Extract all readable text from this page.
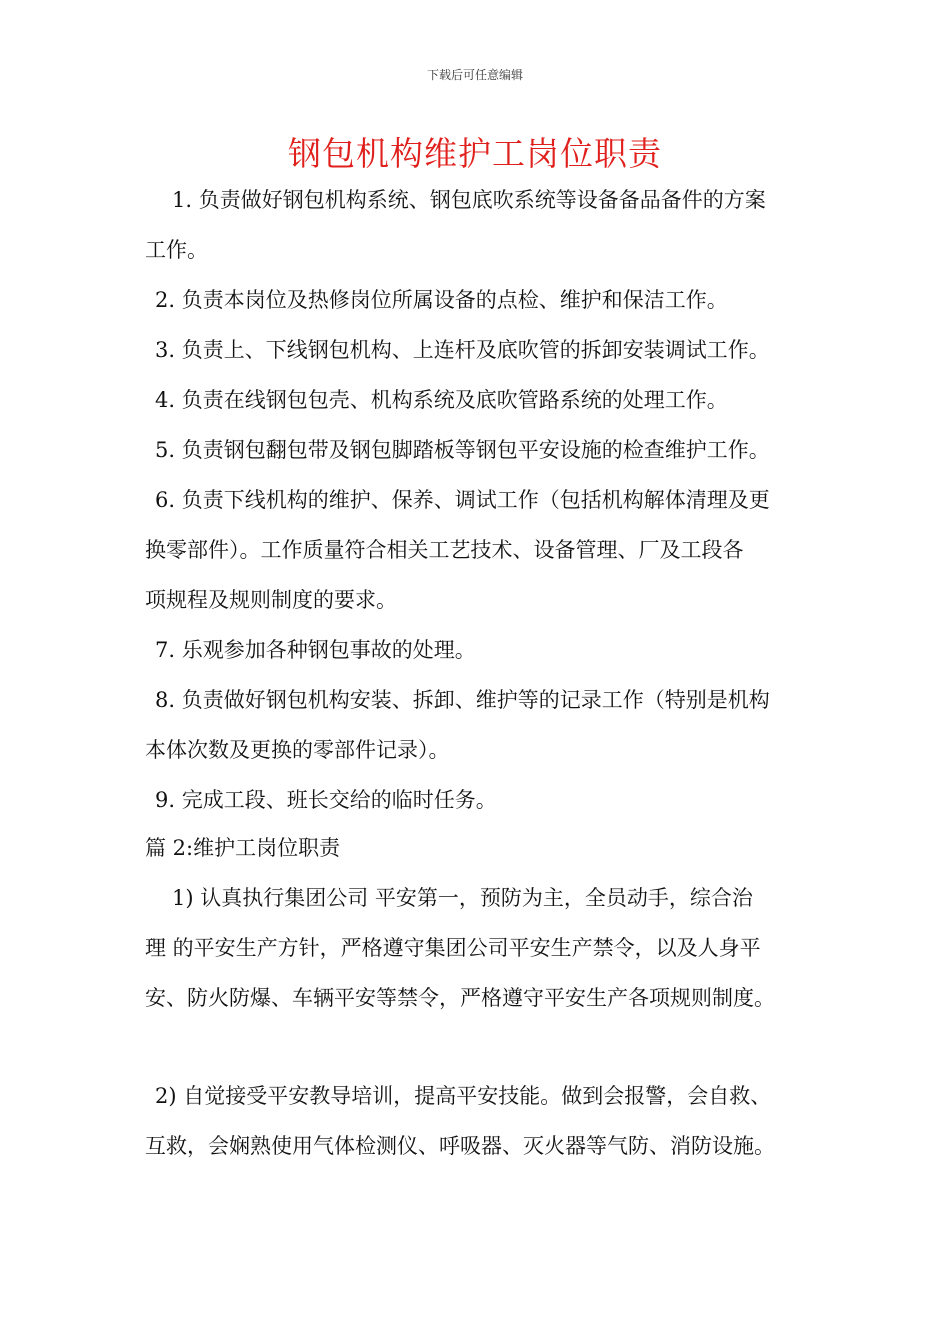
下载后可任意编辑
钢包机构维护工岗位职责
1. 负责做好钢包机构系统、钢包底吹系统等设备备品备件的方案
工作。
2. 负责本岗位及热修岗位所属设备的点检、维护和保洁工作。
3. 负责上、下线钢包机构、上连杆及底吹管的拆卸安装调试工作。
4. 负责在线钢包包壳、机构系统及底吹管路系统的处理工作。
5. 负责钢包翻包带及钢包脚踏板等钢包平安设施的检查维护工作。
6. 负责下线机构的维护、保养、调试工作（包括机构解体清理及更
换零部件）。工作质量符合相关工艺技术、设备管理、厂及工段各
项规程及规则制度的要求。
7. 乐观参加各种钢包事故的处理。
8. 负责做好钢包机构安装、拆卸、维护等的记录工作（特别是机构
本体次数及更换的零部件记录）。
9. 完成工段、班长交给的临时任务。
篇 2:维护工岗位职责
1) 认真执行集团公司 平安第一，预防为主，全员动手，综合治
理 的平安生产方针，严格遵守集团公司平安生产禁令，以及人身平
安、防火防爆、车辆平安等禁令，严格遵守平安生产各项规则制度。
2) 自觉接受平安教导培训，提高平安技能。做到会报警，会自救、
互救，会娴熟使用气体检测仪、呼吸器、灭火器等气防、消防设施。
